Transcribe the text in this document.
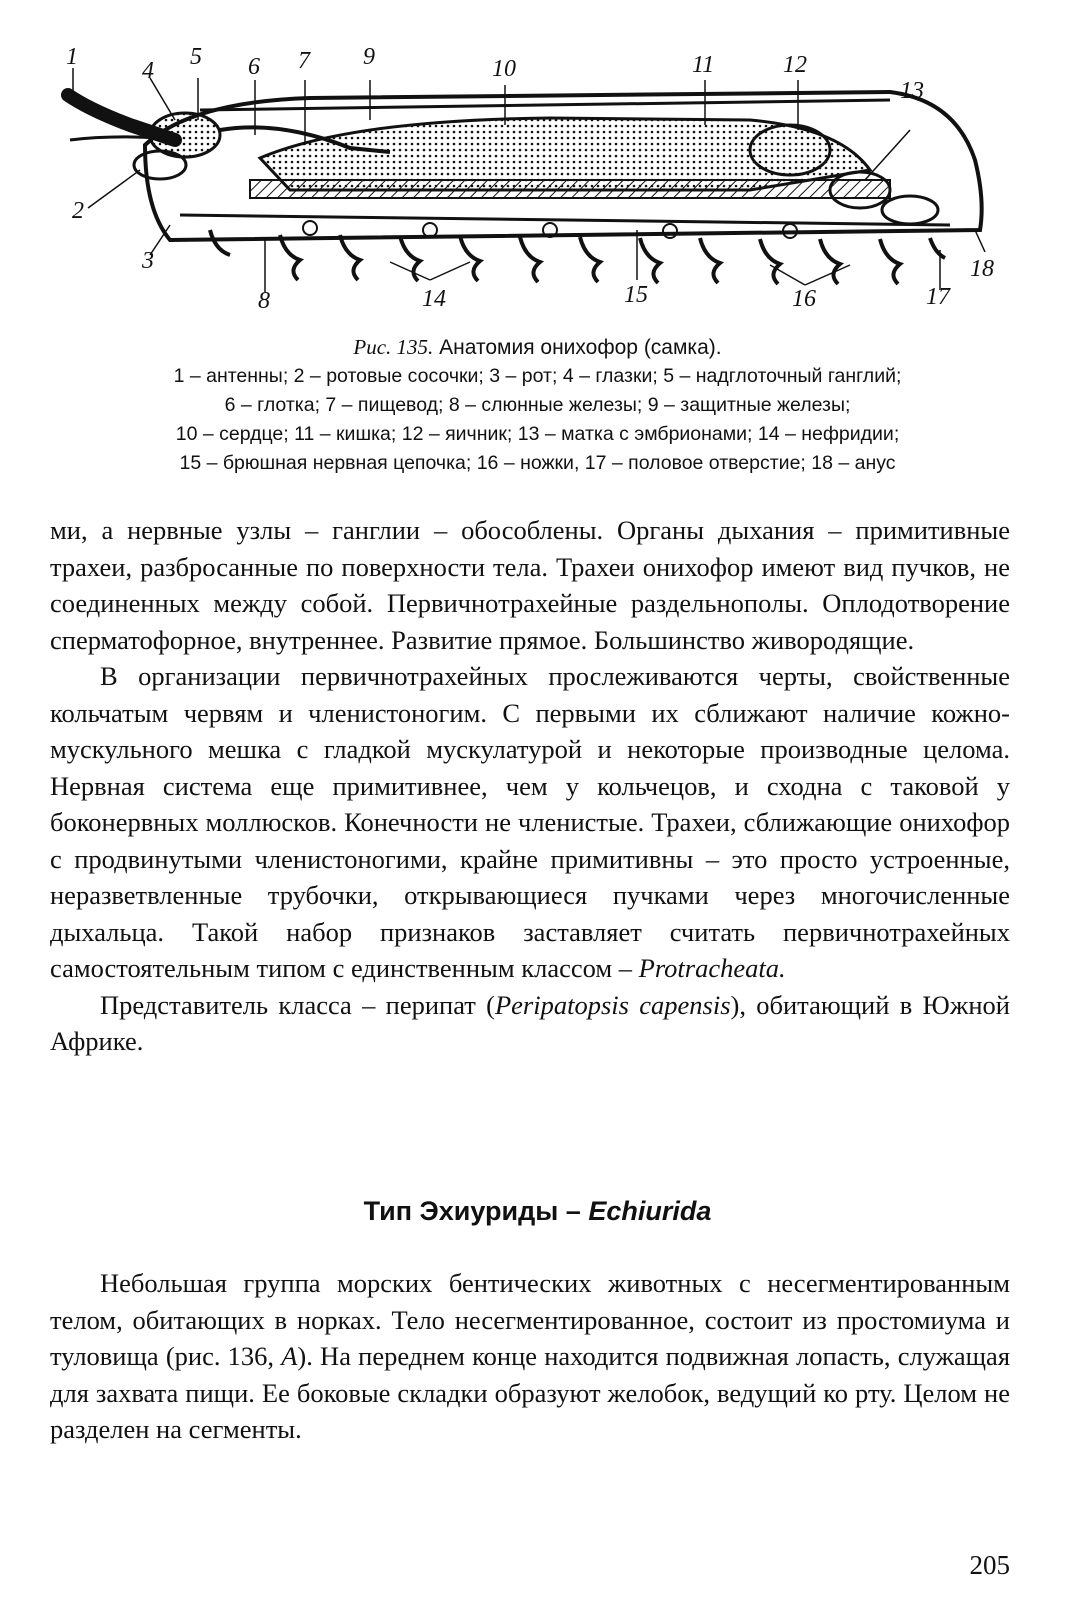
1
2
3
4
5 6 7
8
9	10	11	12
13
14	15	16	17
18
Рис. 135. Анатомия онихофор (самка).
1 – антенны; 2 – ротовые сосочки; 3 – рот; 4 – глазки; 5 – надглоточный ганглий;
6 – глотка; 7 – пищевод; 8 – слюнные железы; 9 – защитные железы;
10 – сердце; 11 – кишка; 12 – яичник; 13 – матка с эмбрионами; 14 – нефридии;
15 – брюшная нервная цепочка; 16 – ножки, 17 – половое отверстие; 18 – анус

ми, а нервные узлы – ганглии – обособлены. Органы дыхания – примитивные трахеи, разбросанные по поверхности тела. Трахеи онихофор имеют вид пучков, не соединенных между собой. Первичнотрахейные раздельнополы. Оплодотворение сперматофорное, внутреннее. Развитие прямое. Большинство живородящие.

В организации первичнотрахейных прослеживаются черты, свойственные кольчатым червям и членистоногим. С первыми их сближают наличие кожно-мускульного мешка с гладкой мускулатурой и некоторые производные целома. Нервная система еще примитивнее, чем у кольчецов, и сходна с таковой у боконервных моллюсков. Конечности не членистые. Трахеи, сближающие онихофор с продвинутыми членистоногими, крайне примитивны – это просто устроенные, неразветвленные трубочки, открывающиеся пучками через многочисленные дыхальца. Такой набор признаков заставляет считать первичнотрахейных самостоятельным типом с единственным классом – Protracheata.

Представитель класса – перипат (Peripatopsis capensis), обитающий в Южной Африке.

Тип Эхиуриды – Echiurida

Небольшая группа морских бентических животных с несегментированным телом, обитающих в норках. Тело несегментированное, состоит из простомиума и туловища (рис. 136, А). На переднем конце находится подвижная лопасть, служащая для захвата пищи. Ее боковые складки образуют желобок, ведущий ко рту. Целом не разделен на сегменты.

205
